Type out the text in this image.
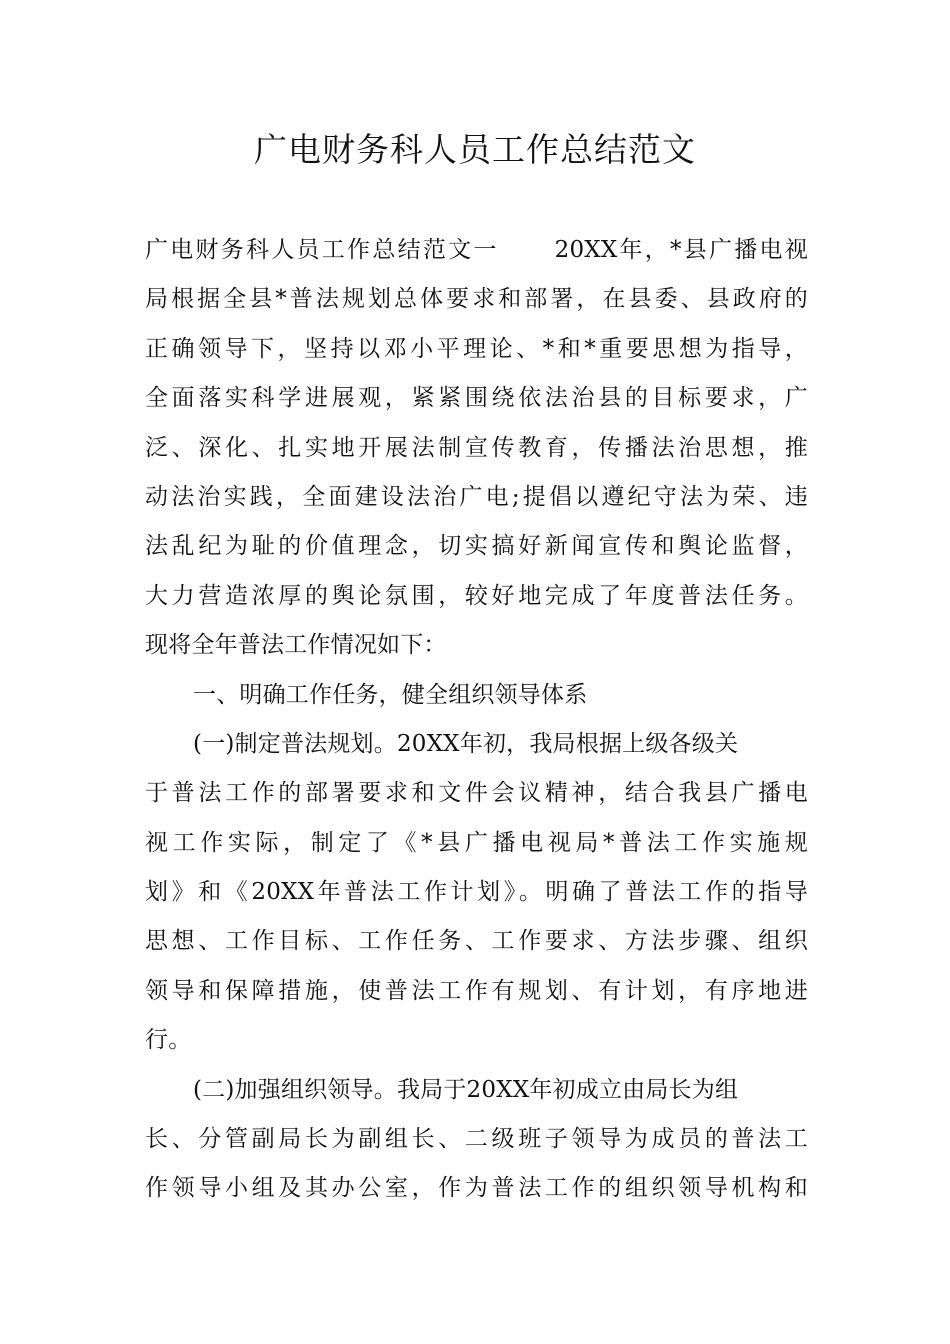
广电财务科人员工作总结范文
广电财务科人员工作总结范文一 20XX年，*县广播电视
局根据全县*普法规划总体要求和部署，在县委、县政府的
正确领导下，坚持以邓小平理论、*和*重要思想为指导，
全面落实科学进展观，紧紧围绕依法治县的目标要求，广
泛、深化、扎实地开展法制宣传教育，传播法治思想，推
动法治实践，全面建设法治广电;提倡以遵纪守法为荣、违
法乱纪为耻的价值理念，切实搞好新闻宣传和舆论监督，
大力营造浓厚的舆论氛围，较好地完成了年度普法任务。
现将全年普法工作情况如下：
一、明确工作任务，健全组织领导体系
(一)制定普法规划。20XX年初，我局根据上级各级关
于普法工作的部署要求和文件会议精神，结合我县广播电
视工作实际，制定了《*县广播电视局*普法工作实施规
划》和《20XX年普法工作计划》。明确了普法工作的指导
思想、工作目标、工作任务、工作要求、方法步骤、组织
领导和保障措施，使普法工作有规划、有计划，有序地进
行。
(二)加强组织领导。我局于20XX年初成立由局长为组
长、分管副局长为副组长、二级班子领导为成员的普法工
作领导小组及其办公室，作为普法工作的组织领导机构和
